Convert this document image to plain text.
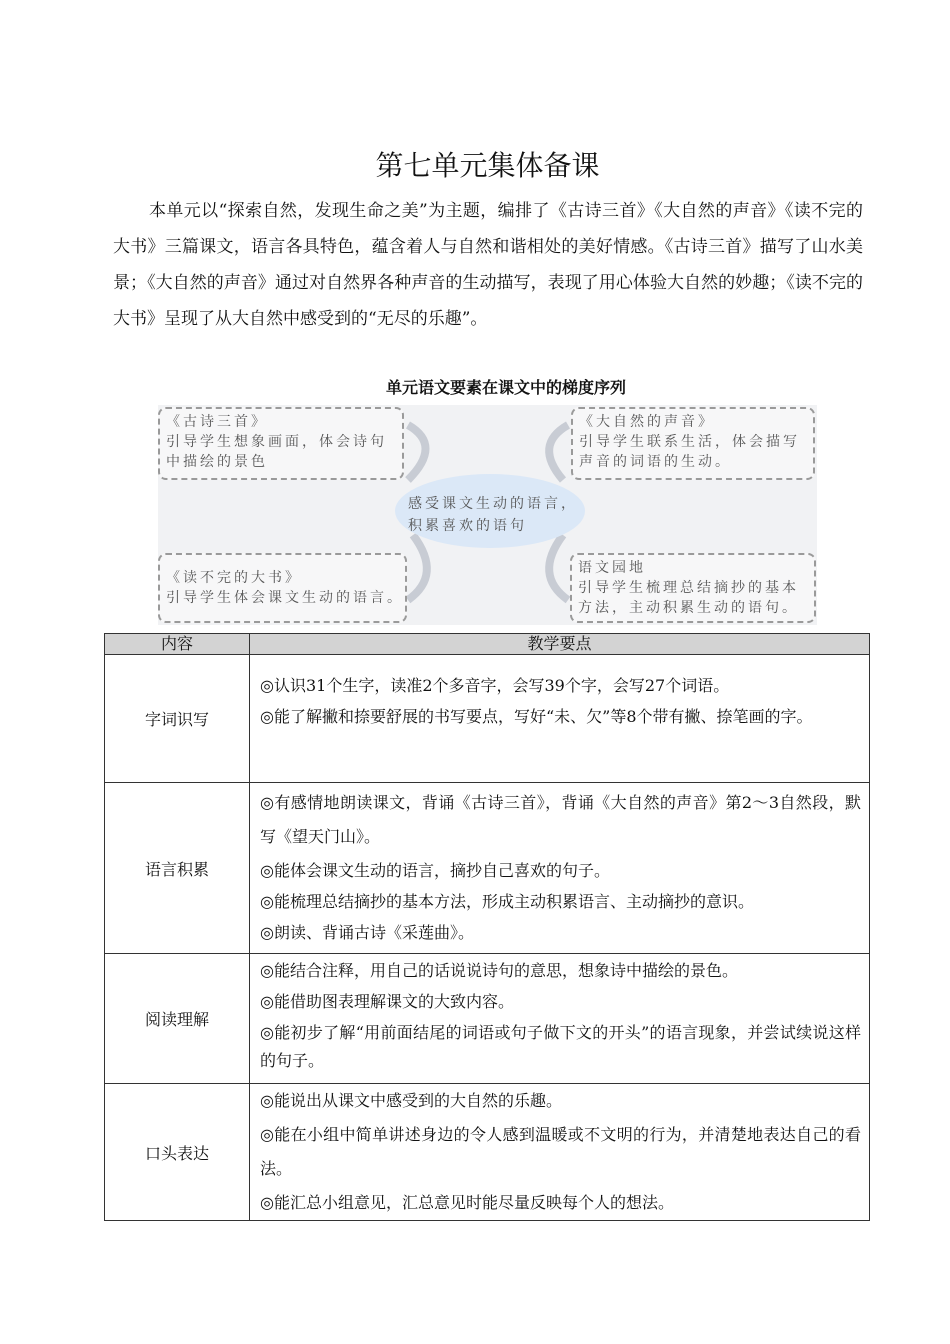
第七单元集体备课
本单元以“探索自然，发现生命之美”为主题，编排了《古诗三首》《大自然的声音》《读不完的大书》三篇课文，语言各具特色，蕴含着人与自然和谐相处的美好情感。《古诗三首》描写了山水美景；《大自然的声音》通过对自然界各种声音的生动描写，表现了用心体验大自然的妙趣；《读不完的大书》呈现了从大自然中感受到的“无尽的乐趣”。
单元语文要素在课文中的梯度序列
感受课文生动的语言，
积累喜欢的语句
《古诗三首》
引导学生想象画面，体会诗句
中描绘的景色
《大自然的声音》
引导学生联系生活，体会描写
声音的词语的生动。
《读不完的大书》
引导学生体会课文生动的语言。
语文园地
引导学生梳理总结摘抄的基本
方法，主动积累生动的语句。
内容	教学要点
字词识写	◎认识31个生字，读准2个多音字，会写39个字，会写27个词语。
◎能了解撇和捺要舒展的书写要点，写好“未、欠”等8个带有撇、捺笔画的字。

语言积累	◎有感情地朗读课文，背诵《古诗三首》，背诵《大自然的声音》第2～3自然段，默写《望天门山》。
◎能体会课文生动的语言，摘抄自己喜欢的句子。
◎能梳理总结摘抄的基本方法，形成主动积累语言、主动摘抄的意识。
◎朗读、背诵古诗《采莲曲》。

阅读理解	◎能结合注释，用自己的话说说诗句的意思，想象诗中描绘的景色。
◎能借助图表理解课文的大致内容。
◎能初步了解“用前面结尾的词语或句子做下文的开头”的语言现象，并尝试续说这样的句子。

口头表达	◎能说出从课文中感受到的大自然的乐趣。
◎能在小组中简单讲述身边的令人感到温暖或不文明的行为，并清楚地表达自己的看法。
◎能汇总小组意见，汇总意见时能尽量反映每个人的想法。
